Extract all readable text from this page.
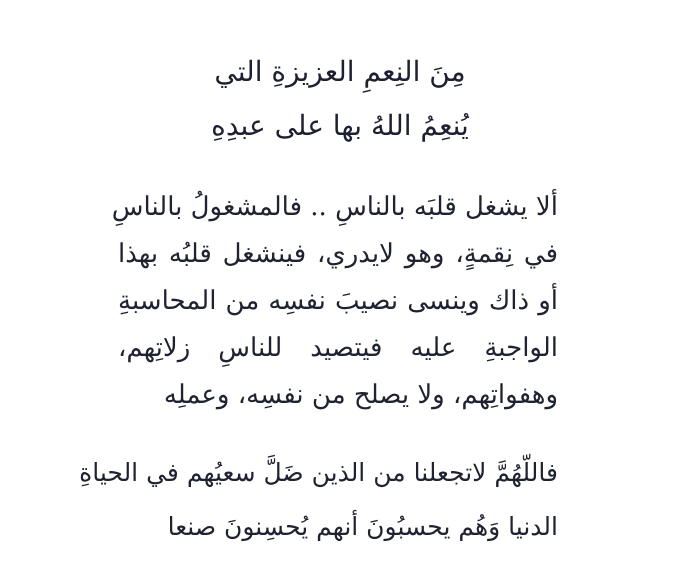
مِنَ النِعمِ العزيزةِ التي
يُنعِمُ اللهُ بها على عبدِهِ
ألا يشغل قلبَه بالناسِ .. فالمشغولُ بالناسِ
في نِقمةٍ، وهو لايدري، فينشغل قلبُه بهذا
أو ذاك وينسى نصيبَ نفسِه من المحاسبةِ
الواجبةِ عليه فيتصيد للناسِ زلاتِهم،
وهفواتِهم، ولا يصلح من نفسِه، وعملِه
فاللّهُمَّ لاتجعلنا من الذين ضَلَّ سعيُهم في الحياةِ
الدنيا وَهُم يحسبُونَ أنهم يُحسِنونَ صنعا
